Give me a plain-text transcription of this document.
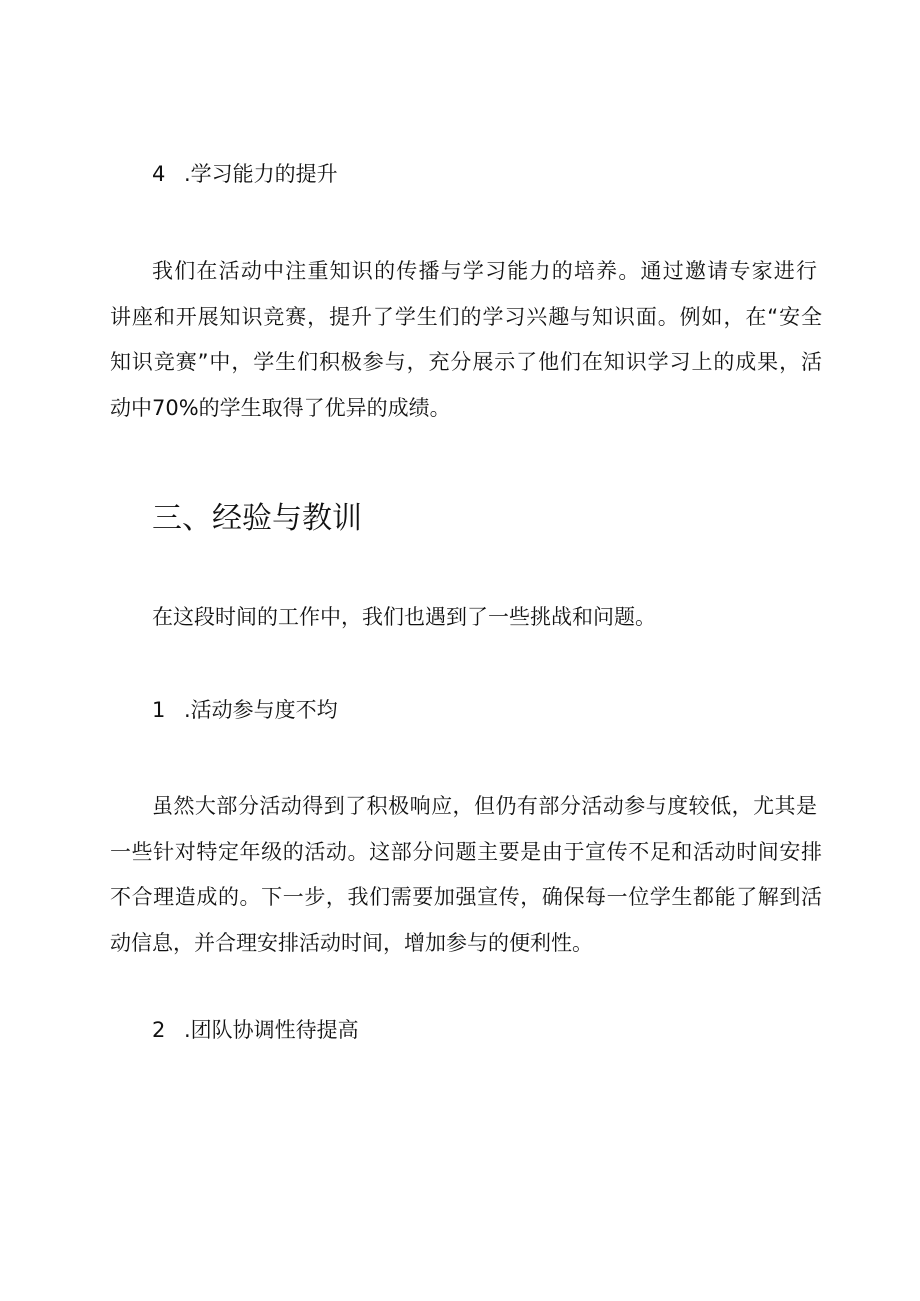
4 .学习能力的提升
我们在活动中注重知识的传播与学习能力的培养。通过邀请专家进行
讲座和开展知识竞赛，提升了学生们的学习兴趣与知识面。例如，在“安全
知识竞赛”中，学生们积极参与，充分展示了他们在知识学习上的成果，活
动中70%的学生取得了优异的成绩。
三、经验与教训
在这段时间的工作中，我们也遇到了一些挑战和问题。
1 .活动参与度不均
虽然大部分活动得到了积极响应，但仍有部分活动参与度较低，尤其是
一些针对特定年级的活动。这部分问题主要是由于宣传不足和活动时间安排
不合理造成的。下一步，我们需要加强宣传，确保每一位学生都能了解到活
动信息，并合理安排活动时间，增加参与的便利性。
2 .团队协调性待提高
